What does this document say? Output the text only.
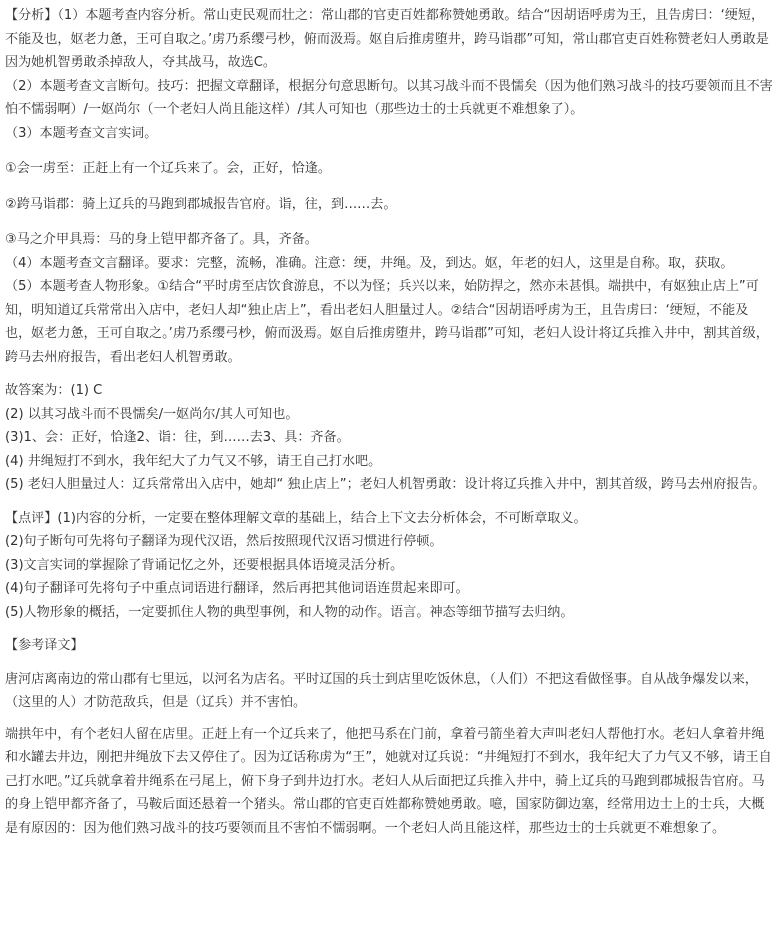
【分析】（1）本题考查内容分析。常山吏民观而壮之：常山郡的官吏百姓都称赞她勇敢。结合“因胡语呼虏为王，且告虏曰：‘绠短，不能及也，妪老力惫，王可自取之。’虏乃系缨弓杪，俯而汲焉。妪自后推虏堕井，跨马诣郡”可知，常山郡官吏百姓称赞老妇人勇敢是因为她机智勇敢杀掉敌人，夺其战马，故选C。

（2）本题考查文言断句。技巧：把握文章翻译，根据分句意思断句。以其习战斗而不畏懦矣（因为他们熟习战斗的技巧要领而且不害怕不懦弱啊）/一妪尚尔（一个老妇人尚且能这样）/其人可知也（那些边士的士兵就更不难想象了）。

（3）本题考查文言实词。

①会一虏至：正赶上有一个辽兵来了。会，正好，恰逢。

②跨马诣郡：骑上辽兵的马跑到郡城报告官府。诣，往，到……去。

③马之介甲具焉：马的身上铠甲都齐备了。具，齐备。

（4）本题考查文言翻译。要求：完整，流畅，准确。注意：绠，井绳。及，到达。妪，年老的妇人，这里是自称。取，获取。

（5）本题考查人物形象。①结合“平时虏至店饮食游息，不以为怪；兵兴以来，始防捍之，然亦未甚惧。端拱中，有妪独止店上”可知，明知道辽兵常常出入店中，老妇人却“独止店上”，看出老妇人胆量过人。②结合“因胡语呼虏为王，且告虏曰：‘绠短，不能及也，妪老力惫，王可自取之。’虏乃系缨弓杪，俯而汲焉。妪自后推虏堕井，跨马诣郡”可知，老妇人设计将辽兵推入井中，割其首级，跨马去州府报告，看出老妇人机智勇敢。

故答案为：(1) C

(2) 以其习战斗而不畏懦矣/一妪尚尔/其人可知也。

(3)1、会：正好，恰逢2、诣：往，到……去3、具：齐备。

(4) 井绳短打不到水，我年纪大了力气又不够，请王自己打水吧。

(5) 老妇人胆量过人：辽兵常常出入店中，她却“ 独止店上”；老妇人机智勇敢：设计将辽兵推入井中，割其首级，跨马去州府报告。

【点评】(1)内容的分析，一定要在整体理解文章的基础上，结合上下文去分析体会，不可断章取义。

(2)句子断句可先将句子翻译为现代汉语，然后按照现代汉语习惯进行停顿。

(3)文言实词的掌握除了背诵记忆之外，还要根据具体语境灵活分析。

(4)句子翻译可先将句子中重点词语进行翻译，然后再把其他词语连贯起来即可。

(5)人物形象的概括，一定要抓住人物的典型事例，和人物的动作。语言。神态等细节描写去归纳。

【参考译文】

唐河店离南边的常山郡有七里远，以河名为店名。平时辽国的兵士到店里吃饭休息，（人们）不把这看做怪事。自从战争爆发以来，（这里的人）才防范敌兵，但是（辽兵）并不害怕。

端拱年中，有个老妇人留在店里。正赶上有一个辽兵来了，他把马系在门前，拿着弓箭坐着大声叫老妇人帮他打水。老妇人拿着井绳和水罐去井边，刚把井绳放下去又停住了。因为辽话称虏为“王”，她就对辽兵说：“井绳短打不到水，我年纪大了力气又不够，请王自己打水吧。”辽兵就拿着井绳系在弓尾上，俯下身子到井边打水。老妇人从后面把辽兵推入井中，骑上辽兵的马跑到郡城报告官府。马的身上铠甲都齐备了，马鞍后面还悬着一个猪头。常山郡的官吏百姓都称赞她勇敢。噫，国家防御边塞，经常用边士上的士兵，大概是有原因的：因为他们熟习战斗的技巧要领而且不害怕不懦弱啊。一个老妇人尚且能这样，那些边士的士兵就更不难想象了。
